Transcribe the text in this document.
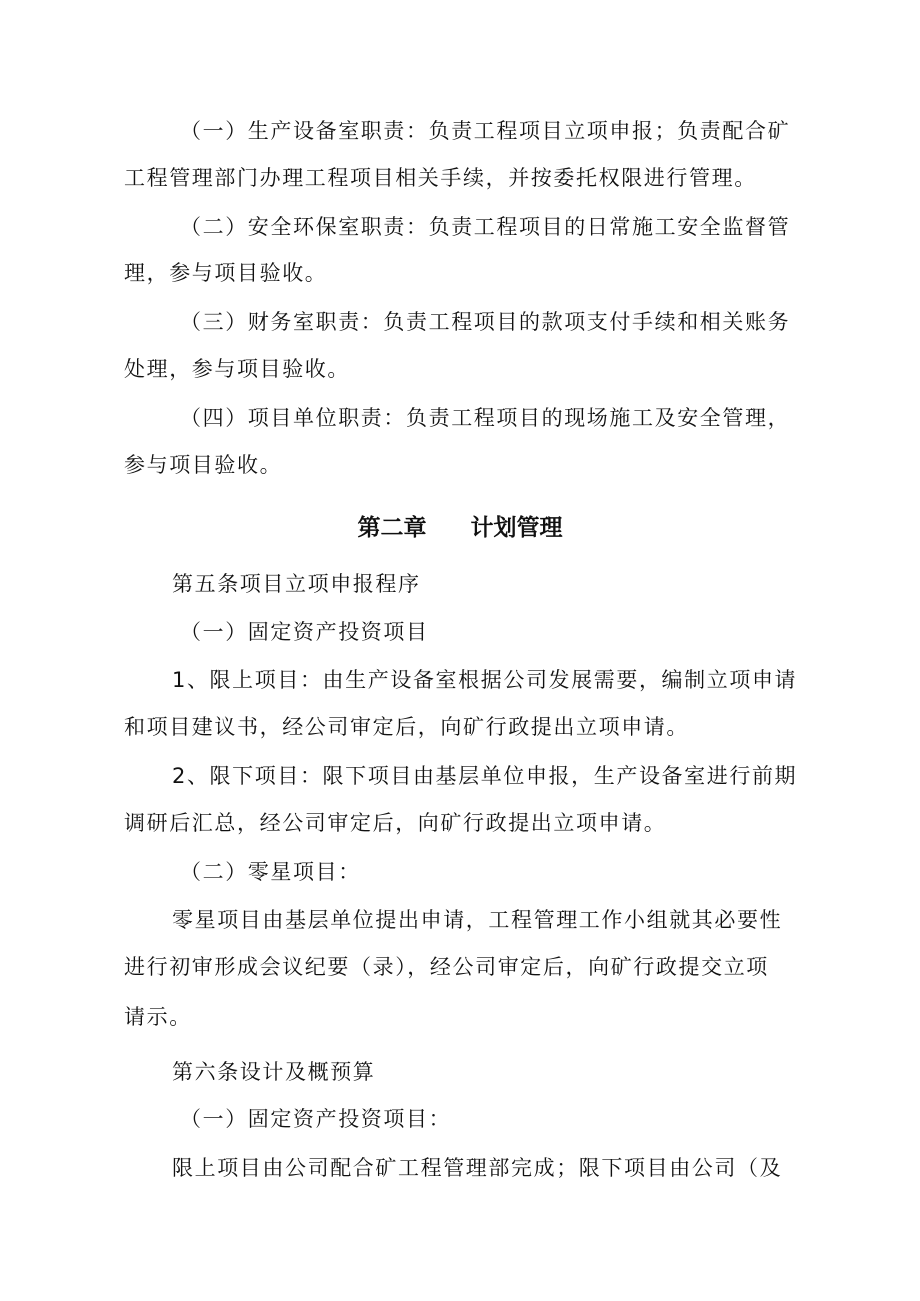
（一）生产设备室职责：负责工程项目立项申报；负责配合矿
工程管理部门办理工程项目相关手续，并按委托权限进行管理。
（二）安全环保室职责：负责工程项目的日常施工安全监督管
理，参与项目验收。
（三）财务室职责：负责工程项目的款项支付手续和相关账务
处理，参与项目验收。
（四）项目单位职责：负责工程项目的现场施工及安全管理，
参与项目验收。
第二章 计划管理
第五条项目立项申报程序
（一）固定资产投资项目
1、限上项目：由生产设备室根据公司发展需要，编制立项申请
和项目建议书，经公司审定后，向矿行政提出立项申请。
2、限下项目：限下项目由基层单位申报，生产设备室进行前期
调研后汇总，经公司审定后，向矿行政提出立项申请。
（二）零星项目：
零星项目由基层单位提出申请，工程管理工作小组就其必要性
进行初审形成会议纪要（录），经公司审定后，向矿行政提交立项
请示。
第六条设计及概预算
（一）固定资产投资项目：
限上项目由公司配合矿工程管理部完成；限下项目由公司（及
